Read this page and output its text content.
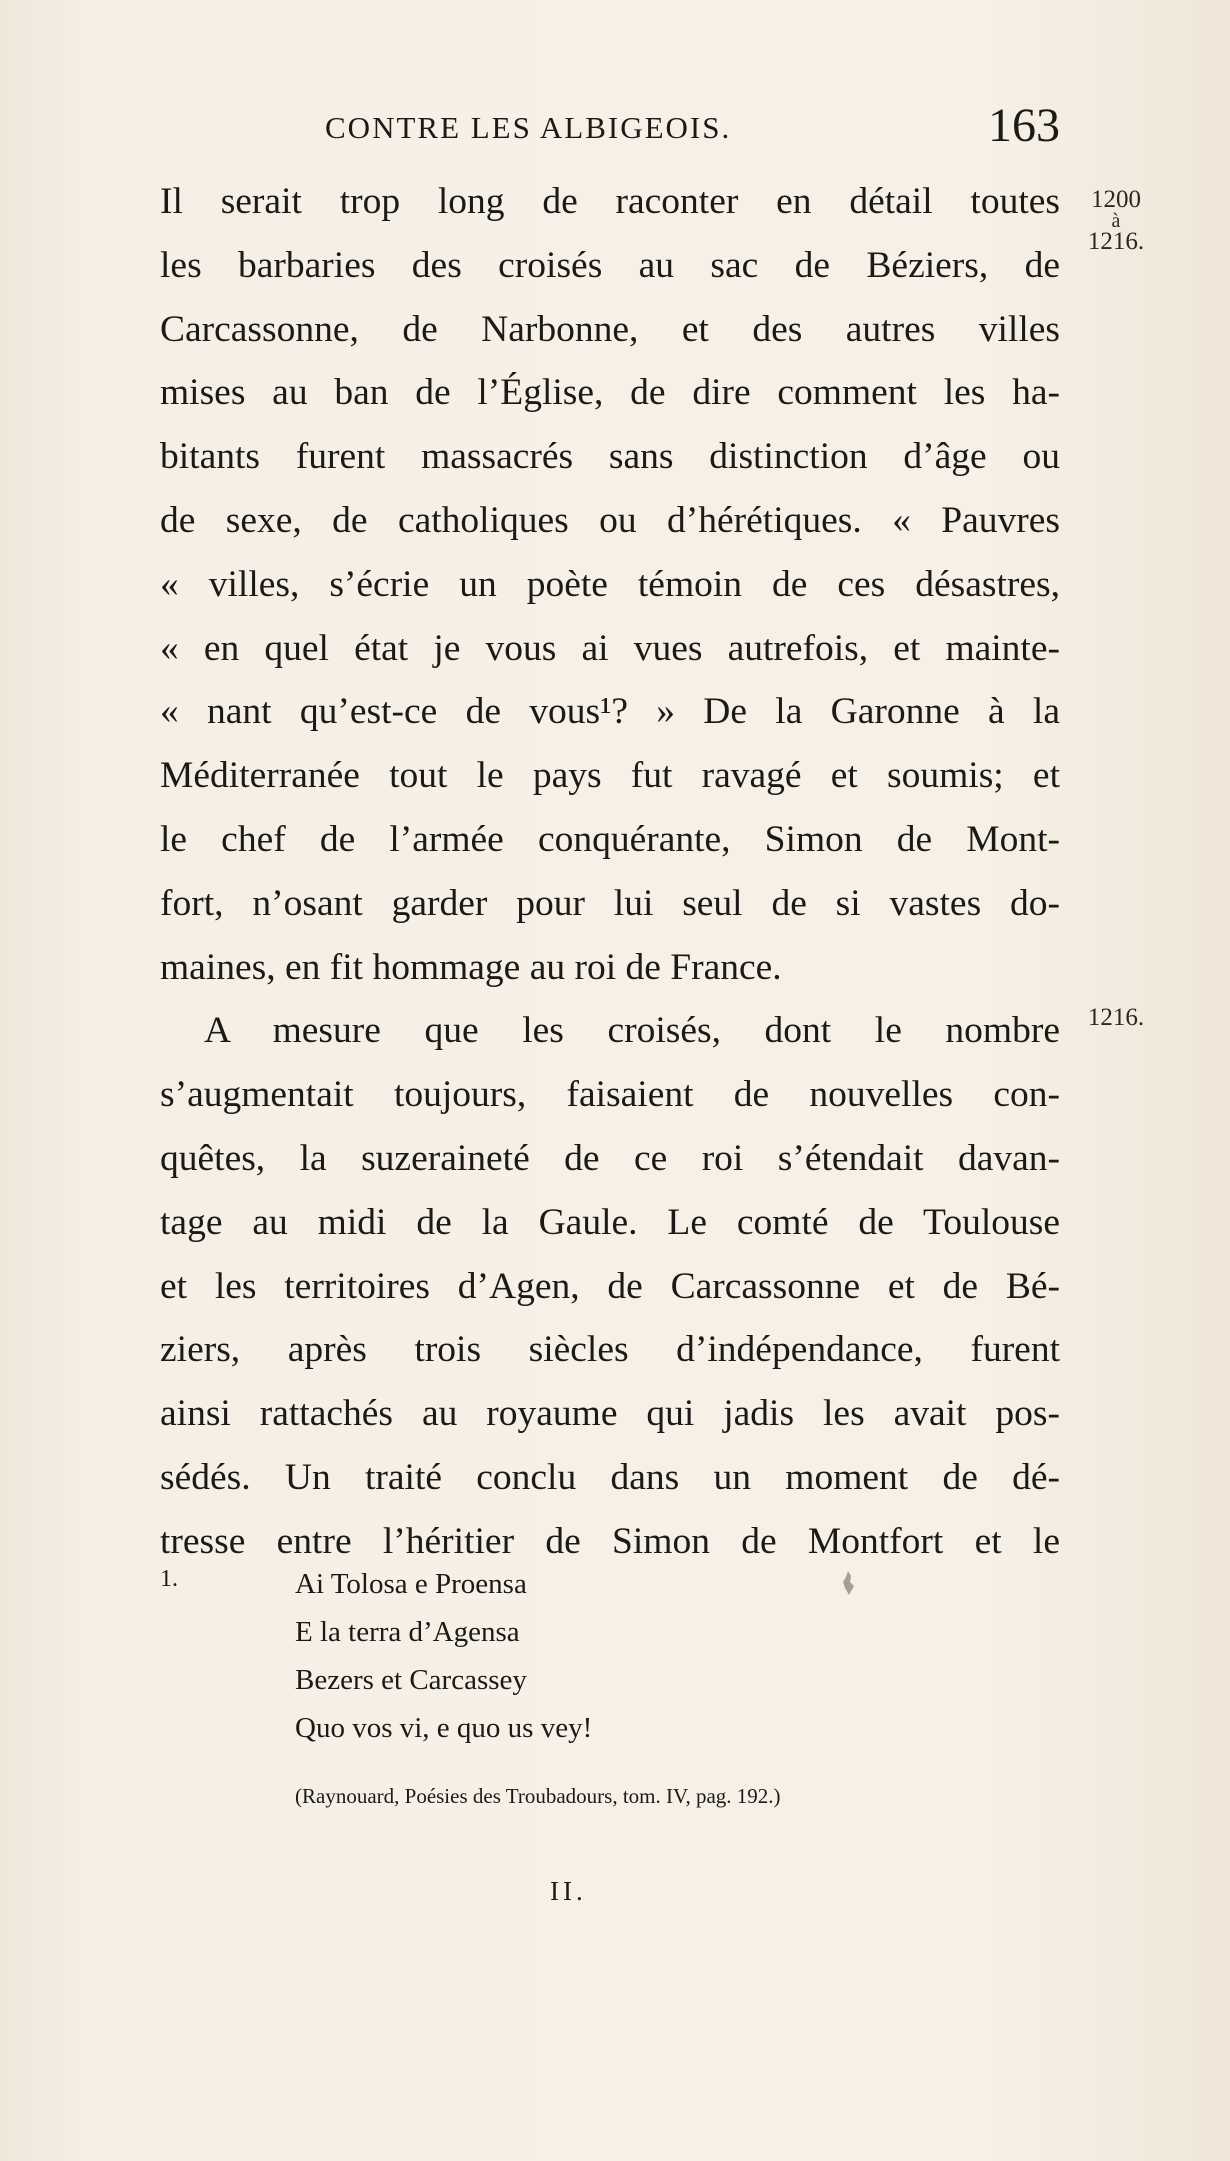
CONTRE LES ALBIGEOIS.	163
Il serait trop long de raconter en détail toutes
les barbaries des croisés au sac de Béziers, de
Carcassonne, de Narbonne, et des autres villes
mises au ban de l’Église, de dire comment les ha-
bitants furent massacrés sans distinction d’âge ou
de sexe, de catholiques ou d’hérétiques. « Pauvres
« villes, s’écrie un poète témoin de ces désastres,
« en quel état je vous ai vues autrefois, et mainte-
« nant qu’est-ce de vous¹? » De la Garonne à la
Méditerranée tout le pays fut ravagé et soumis; et
le chef de l’armée conquérante, Simon de Mont-
fort, n’osant garder pour lui seul de si vastes do-
maines, en fit hommage au roi de France.
A mesure que les croisés, dont le nombre
s’augmentait toujours, faisaient de nouvelles con-
quêtes, la suzeraineté de ce roi s’étendait davan-
tage au midi de la Gaule. Le comté de Toulouse
et les territoires d’Agen, de Carcassonne et de Bé-
ziers, après trois siècles d’indépendance, furent
ainsi rattachés au royaume qui jadis les avait pos-
sédés. Un traité conclu dans un moment de dé-
tresse entre l’héritier de Simon de Montfort et le
1200
à
1216.
1216.
1.	Ai Tolosa e Proensa
E la terra d’Agensa
Bezers et Carcassey
Quo vos vi, e quo us vey!
(Raynouard, Poésies des Troubadours, tom. IV, pag. 192.)
II.
